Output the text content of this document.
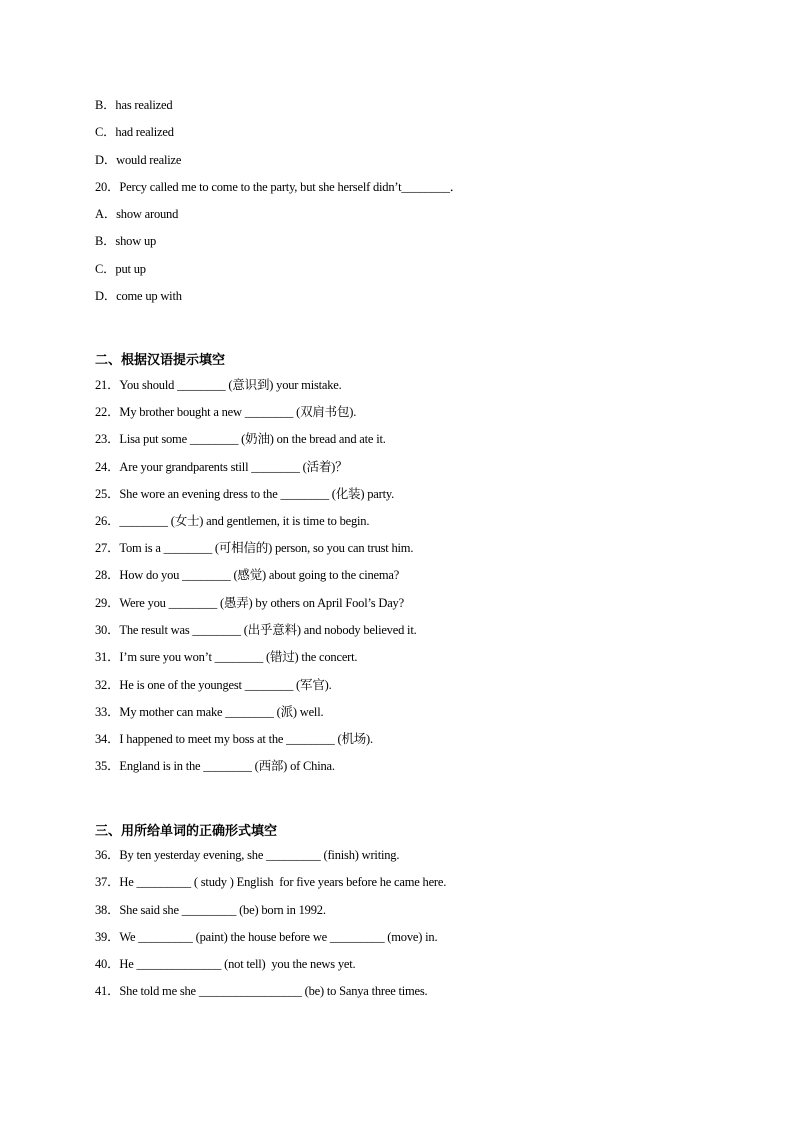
B．has realized
C．had realized
D．would realize
20．Percy called me to come to the party, but she herself didn’t________．
A．show around
B．show up
C．put up
D．come up with
二、根据汉语提示填空
21．You should ________ (意识到) your mistake.
22．My brother bought a new ________ (双肩书包).
23．Lisa put some ________ (奶油) on the bread and ate it.
24．Are your grandparents still ________ (活着)？
25．She wore an evening dress to the ________ (化装) party.
26．________ (女士) and gentlemen, it is time to begin.
27．Tom is a ________ (可相信的) person, so you can trust him.
28．How do you ________ (感觉) about going to the cinema?
29．Were you ________ (愚弄) by others on April Fool’s Day?
30．The result was ________ (出乎意料) and nobody believed it.
31．I’m sure you won’t ________ (错过) the concert.
32．He is one of the youngest ________ (军官).
33．My mother can make ________ (派) well.
34．I happened to meet my boss at the ________ (机场).
35．England is in the ________ (西部) of China.
三、用所给单词的正确形式填空
36．By ten yesterday evening, she _________ (finish) writing.
37．He _________ ( study ) English  for five years before he came here.
38．She said she _________ (be) born in 1992.
39．We _________ (paint) the house before we _________ (move) in.
40．He ______________ (not tell)  you the news yet.
41．She told me she _________________ (be) to Sanya three times.
